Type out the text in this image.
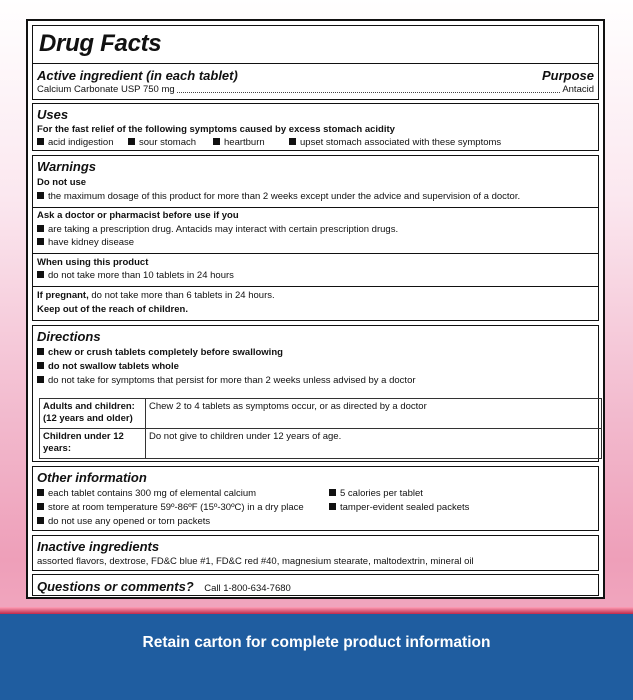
Drug Facts
Active ingredient (in each tablet)	Purpose
Calcium Carbonate USP 750 mg	Antacid
Uses
For the fast relief of the following symptoms caused by excess stomach acidity
acid indigestion	sour stomach	heartburn	upset stomach associated with these symptoms
Warnings
Do not use
the maximum dosage of this product for more than 2 weeks except under the advice and supervision of a doctor.
Ask a doctor or pharmacist before use if you
are taking a prescription drug. Antacids may interact with certain prescription drugs.
have kidney disease
When using this product
do not take more than 10 tablets in 24 hours
If pregnant, do not take more than 6 tablets in 24 hours.
Keep out of the reach of children.
Directions
chew or crush tablets completely before swallowing
do not swallow tablets whole
do not take for symptoms that persist for more than 2 weeks unless advised by a doctor
Adults and children: (12 years and older)	Chew 2 to 4 tablets as symptoms occur, or as directed by a doctor
Children under 12 years:	Do not give to children under 12 years of age.
Other information
each tablet contains 300 mg of elemental calcium
store at room temperature 59º-86ºF (15º-30ºC) in a dry place
do not use any opened or torn packets
5 calories per tablet
tamper-evident sealed packets
Inactive ingredients
assorted flavors, dextrose, FD&C blue #1, FD&C red #40, magnesium stearate, maltodextrin, mineral oil
Questions or comments? Call 1-800-634-7680
Retain carton for complete product information
